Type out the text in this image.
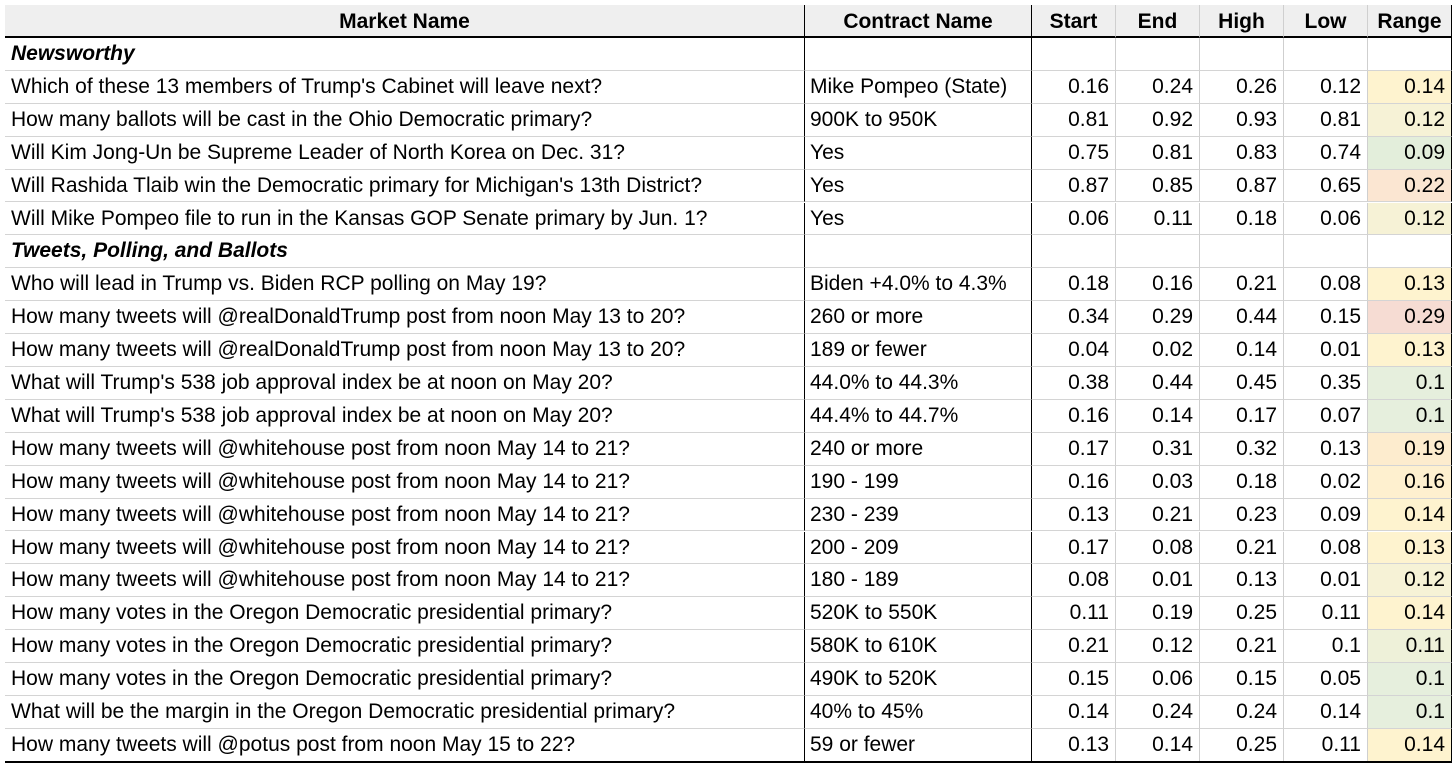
Market Name	Contract Name	Start	End	High	Low	Range
Newsworthy
Which of these 13 members of Trump's Cabinet will leave next?	Mike Pompeo (State)	0.16	0.24	0.26	0.12	0.14
How many ballots will be cast in the Ohio Democratic primary?	900K to 950K	0.81	0.92	0.93	0.81	0.12
Will Kim Jong-Un be Supreme Leader of North Korea on Dec. 31?	Yes	0.75	0.81	0.83	0.74	0.09
Will Rashida Tlaib win the Democratic primary for Michigan's 13th District?	Yes	0.87	0.85	0.87	0.65	0.22
Will Mike Pompeo file to run in the Kansas GOP Senate primary by Jun. 1?	Yes	0.06	0.11	0.18	0.06	0.12
Tweets, Polling, and Ballots
Who will lead in Trump vs. Biden RCP polling on May 19?	Biden +4.0% to 4.3%	0.18	0.16	0.21	0.08	0.13
How many tweets will @realDonaldTrump post from noon May 13 to 20?	260 or more	0.34	0.29	0.44	0.15	0.29
How many tweets will @realDonaldTrump post from noon May 13 to 20?	189 or fewer	0.04	0.02	0.14	0.01	0.13
What will Trump's 538 job approval index be at noon on May 20?	44.0% to 44.3%	0.38	0.44	0.45	0.35	0.1
What will Trump's 538 job approval index be at noon on May 20?	44.4% to 44.7%	0.16	0.14	0.17	0.07	0.1
How many tweets will @whitehouse post from noon May 14 to 21?	240 or more	0.17	0.31	0.32	0.13	0.19
How many tweets will @whitehouse post from noon May 14 to 21?	190 - 199	0.16	0.03	0.18	0.02	0.16
How many tweets will @whitehouse post from noon May 14 to 21?	230 - 239	0.13	0.21	0.23	0.09	0.14
How many tweets will @whitehouse post from noon May 14 to 21?	200 - 209	0.17	0.08	0.21	0.08	0.13
How many tweets will @whitehouse post from noon May 14 to 21?	180 - 189	0.08	0.01	0.13	0.01	0.12
How many votes in the Oregon Democratic presidential primary?	520K to 550K	0.11	0.19	0.25	0.11	0.14
How many votes in the Oregon Democratic presidential primary?	580K to 610K	0.21	0.12	0.21	0.1	0.11
How many votes in the Oregon Democratic presidential primary?	490K to 520K	0.15	0.06	0.15	0.05	0.1
What will be the margin in the Oregon Democratic presidential primary?	40% to 45%	0.14	0.24	0.24	0.14	0.1
How many tweets will @potus post from noon May 15 to 22?	59 or fewer	0.13	0.14	0.25	0.11	0.14
